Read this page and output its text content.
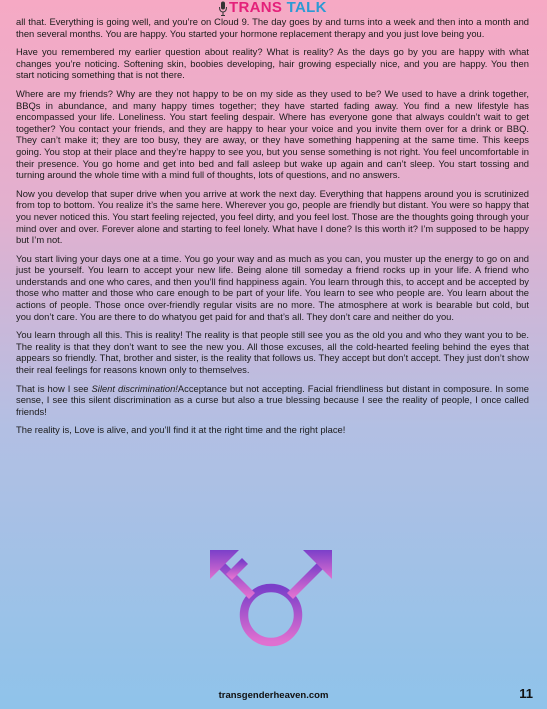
TRANS TALK

all that. Everything is going well, and you’re on Cloud 9. The day goes by and turns into a week and then into a month and then several months. You are happy. You started your hormone replacement therapy and you just love being you.

Have you remembered my earlier question about reality? What is reality? As the days go by you are happy with what changes you’re noticing. Softening skin, boobies developing, hair growing especially nice, and you are happy. You then start noticing something that is not there.

Where are my friends? Why are they not happy to be on my side as they used to be? We used to have a drink together, BBQs in abundance, and many happy times together; they have started fading away. You find a new lifestyle has encompassed your life. Loneliness. You start feeling despair. Where has everyone gone that always couldn’t wait to get together? You contact your friends, and they are happy to hear your voice and you invite them over for a drink or BBQ. They can’t make it; they are too busy, they are away, or they have something happening at the same time. This keeps going. You stop at their place and they’re happy to see you, but you sense something is not right. You feel uncomfortable in their presence. You go home and get into bed and fall asleep but wake up again and can’t sleep. You start tossing and turning around the whole time with a mind full of thoughts, lots of questions, and no answers.

Now you develop that super drive when you arrive at work the next day. Everything that happens around you is scrutinized from top to bottom. You realize it’s the same here. Wherever you go, people are friendly but distant. You were so happy that you never noticed this. You start feeling rejected, you feel dirty, and you feel lost. Those are the thoughts going through your mind over and over. Forever alone and starting to feel lonely. What have I done? Is this worth it? I’m supposed to be happy but I’m not.

You start living your days one at a time. You go your way and as much as you can, you muster up the energy to go on and just be yourself. You learn to accept your new life. Being alone till someday a friend rocks up in your life. A friend who understands and one who cares, and then you’ll find happiness again. You learn through this, to accept and be accepted by those who matter and those who care enough to be part of your life. You learn to see who people are. You learn about the actions of people. Those once over-friendly regular visits are no more. The atmosphere at work is bearable but cold, but you don’t care. You are there to do whatyou get paid for and that’s all. They don’t care and neither do you.

You learn through all this. This is reality! The reality is that people still see you as the old you and who they want you to be. The reality is that they don’t want to see the new you. All those excuses, all the cold-hearted feeling behind the eyes that appears so friendly. That, brother and sister, is the reality that follows us. They accept but don’t accept. They just don’t show their real feelings for reasons known only to themselves.

That is how I see Silent discrimination!Acceptance but not accepting. Facial friendliness but distant in composure. In some sense, I see this silent discrimination as a curse but also a true blessing because I see the reality of people, I once called friends!

The reality is, Love is alive, and you’ll find it at the right time and the right place!

transgenderheaven.com	11
